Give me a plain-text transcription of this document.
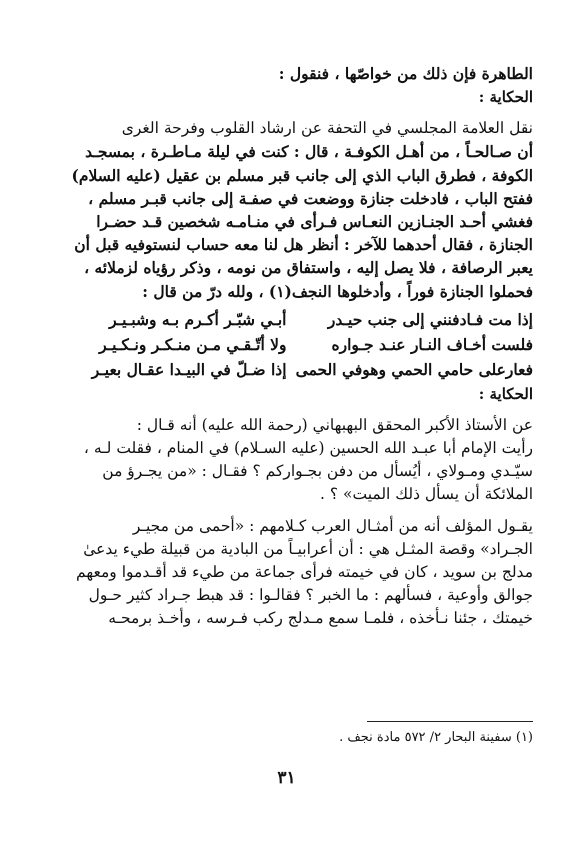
الطاهرة فإن ذلك من خواصّها ، فنقول :
الحكاية :
نقل العلامة المجلسي في التحفة عن ارشاد القلوب وفرحة الغرى
أن صـالحـاً ، من أهـل الكوفـة ، قال : كنت في ليلة مـاطـرة ، بمسجـد
الكوفة ، فطرق الباب الذي إلى جانب قبر مسلم بن عقيل (عليه السلام)
ففتح الباب ، فادخلت جنازة ووضعت في صفـة إلى جانب قبـر مسلم ،
فغشي أحـد الجنـازين النعـاس فـرأى في منـامـه شخصين قـد حضـرا
الجنازة ، فقال أحدهما للآخر : أنظر هل لنا معه حساب لنستوفيه قبل أن
يعبر الرصافة ، فلا يصل إليه ، واستفاق من نومه ، وذكر رؤياه لزملائه ،
فحملوا الجنازة فوراً ، وأدخلوها النجف(١) ، ولله درّ من قال :
إذا مت فـادفنني إلى جنب حيـدر
أبـي شبّـر أكـرم بـه وشبـيـر
فلست أخـاف النـار عنـد جـواره
ولا أتّـقـي مـن منـكـر ونـكـيـر
فعارعلى حامي الحمي وهوفي الحمى
إذا ضـلّ في البيـدا عقـال بعيـر
الحكاية :
عن الأستاذ الأكبر المحقق البهبهاني (رحمة الله عليه) أنه قـال :
رأيت الإمام أبا عبـد الله الحسين (عليه السـلام) في المنام ، فقلت لـه ،
سيّـدي ومـولاي ، أيُسأل من دفن بجـواركم ؟ فقـال : «من يجـرؤ من
الملائكة أن يسأل ذلك الميت» ؟ .
يقـول المؤلف أنه من أمثـال العرب كـلامهم : «أحمى من مجيـر
الجـراد» وقصة المثـل هي : أن أعرابيـاً من البادية من قبيلة طيء يدعىٰ
مدلج بن سويد ، كان في خيمته فرأى جماعة من طيء قد أقـدموا ومعهم
جوالق وأوعية ، فسألهم : ما الخبر ؟ فقالـوا : قد هبط جـراد كثير حـول
خيمتك ، جئنا نـأخذه ، فلمـا سمع مـدلج ركب فـرسه ، وأخـذ برمحـه
(١) سفينة البحار ٢/ ٥٧٢ مادة نجف .
٣١
